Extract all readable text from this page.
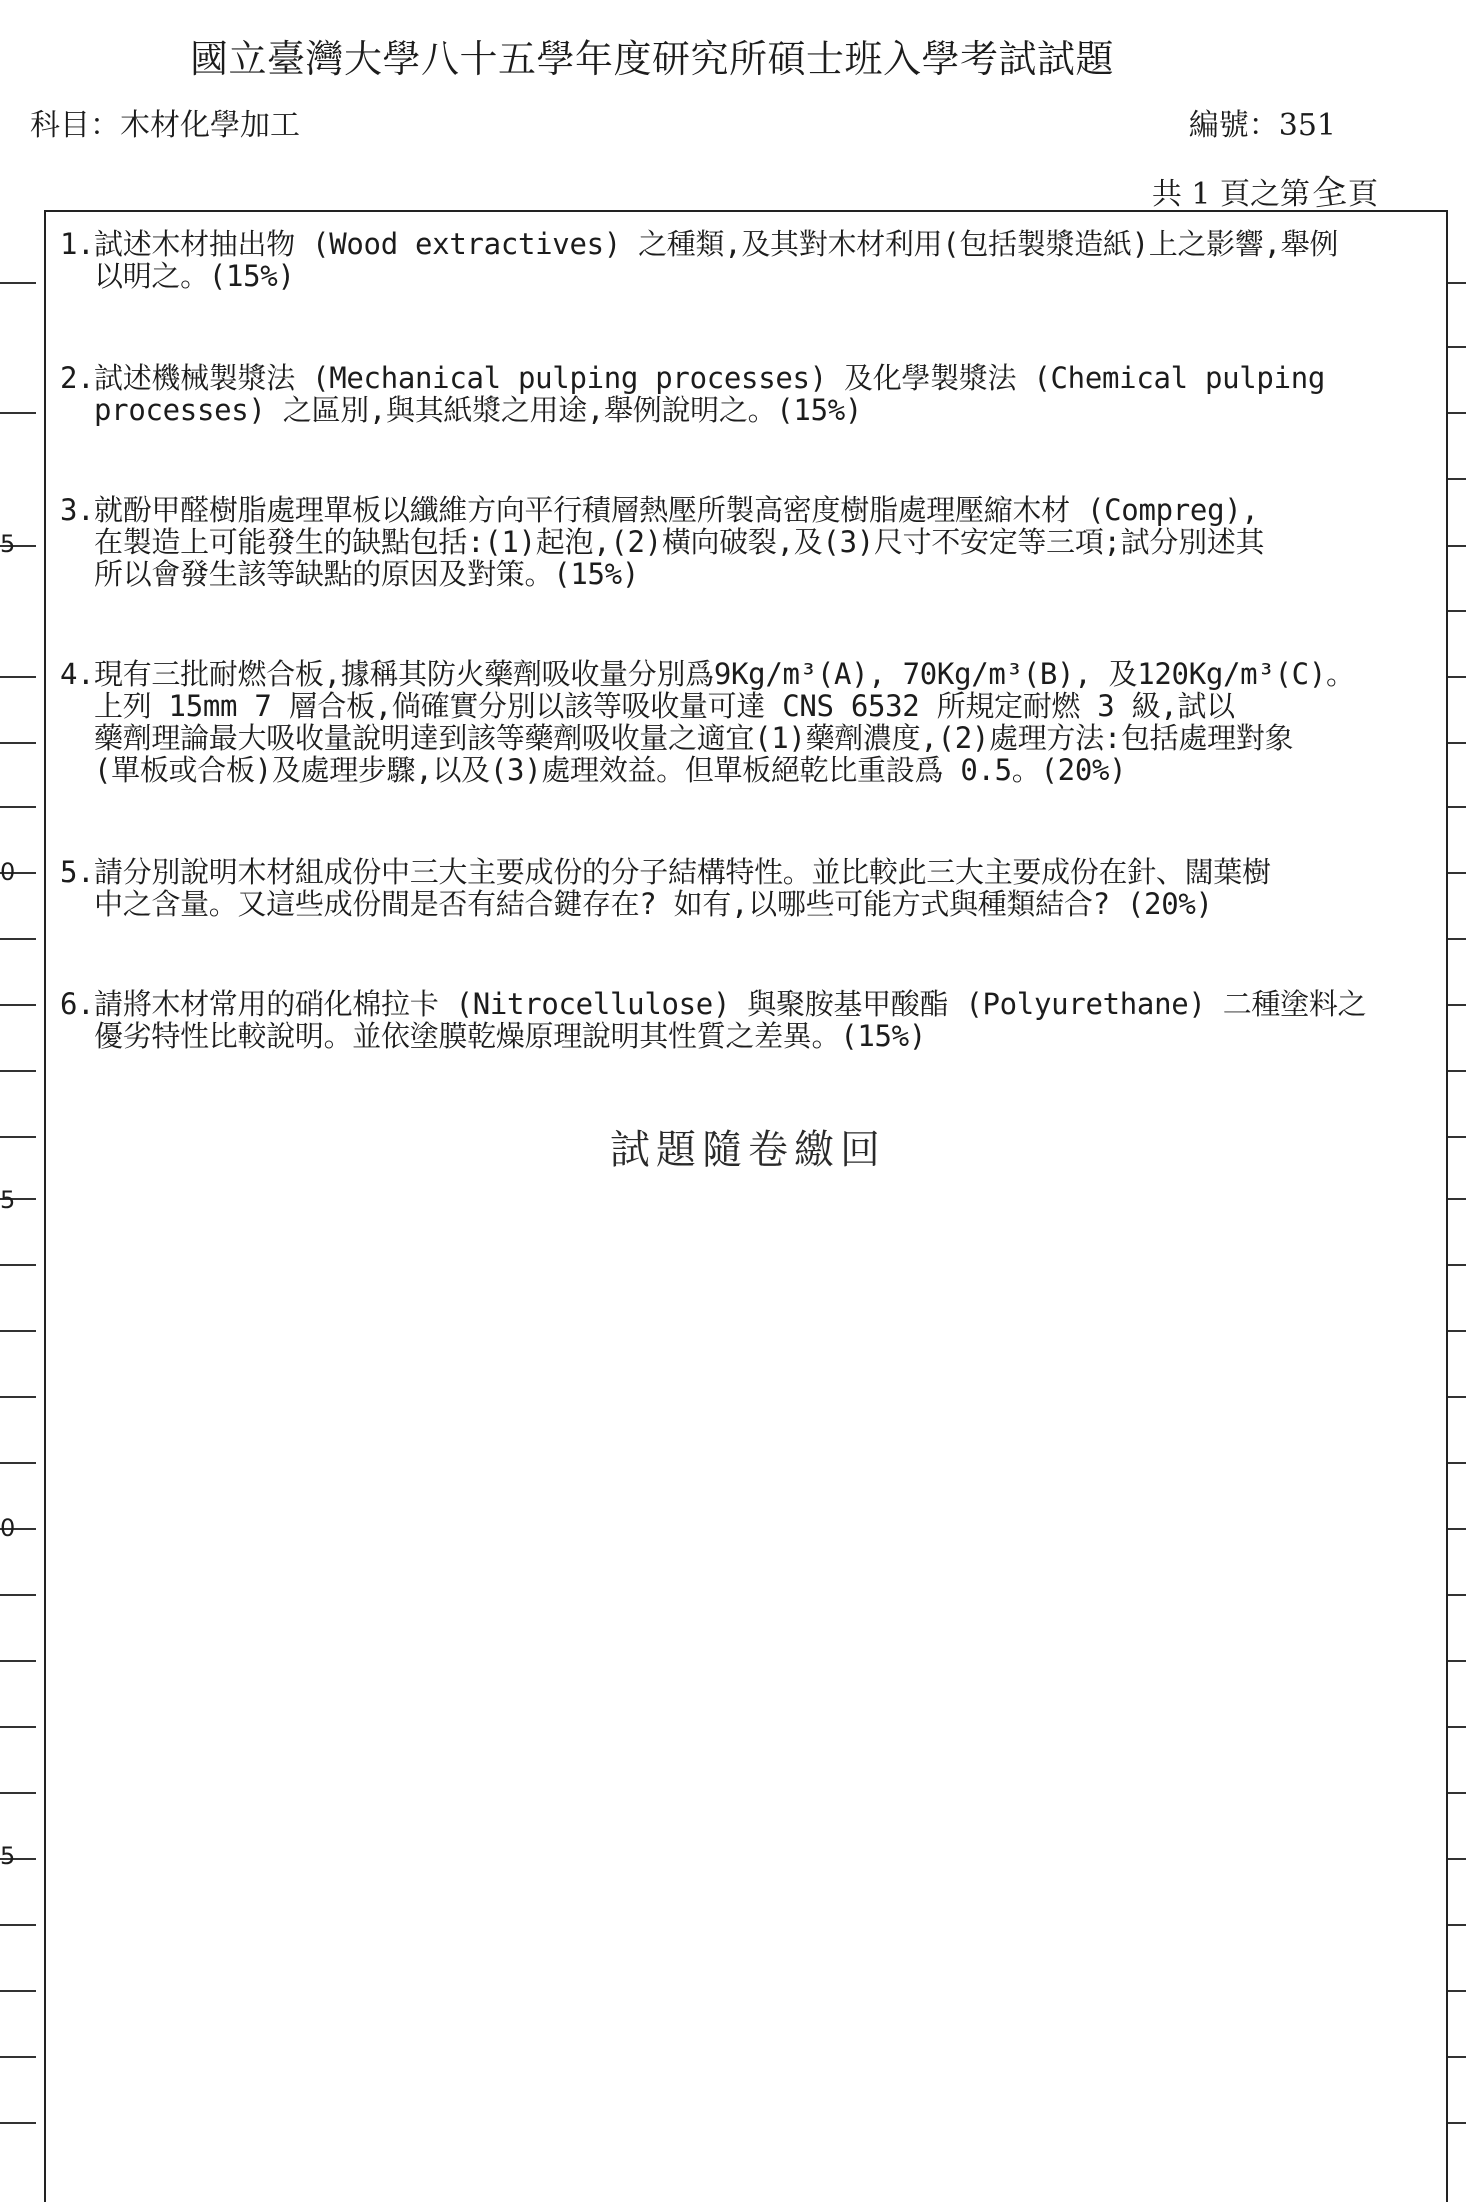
國立臺灣大學八十五學年度研究所碩士班入學考試試題
科目：木材化學加工	編號：351
共 1 頁之第全頁
5
0
5
0
5
1. 試述木材抽出物 (Wood extractives) 之種類,及其對木材利用(包括製漿造紙)上之影響,舉例
以明之。(15%)
2. 試述機械製漿法 (Mechanical pulping processes) 及化學製漿法 (Chemical pulping
processes) 之區別,與其紙漿之用途,舉例說明之。(15%)
3. 就酚甲醛樹脂處理單板以纖維方向平行積層熱壓所製高密度樹脂處理壓縮木材 (Compreg),
在製造上可能發生的缺點包括:(1)起泡,(2)橫向破裂,及(3)尺寸不安定等三項;試分別述其
所以會發生該等缺點的原因及對策。(15%)
4. 現有三批耐燃合板,據稱其防火藥劑吸收量分別爲9Kg/m³(A), 70Kg/m³(B), 及120Kg/m³(C)。
上列 15mm 7 層合板,倘確實分別以該等吸收量可達 CNS 6532 所規定耐燃 3 級,試以
藥劑理論最大吸收量說明達到該等藥劑吸收量之適宜(1)藥劑濃度,(2)處理方法:包括處理對象
(單板或合板)及處理步驟,以及(3)處理效益。但單板絕乾比重設爲 0.5。(20%)
5. 請分別說明木材組成份中三大主要成份的分子結構特性。並比較此三大主要成份在針、闊葉樹
中之含量。又這些成份間是否有結合鍵存在? 如有,以哪些可能方式與種類結合? (20%)
6. 請將木材常用的硝化棉拉卡 (Nitrocellulose) 與聚胺基甲酸酯 (Polyurethane) 二種塗料之
優劣特性比較說明。並依塗膜乾燥原理說明其性質之差異。(15%)
試題隨卷繳回
